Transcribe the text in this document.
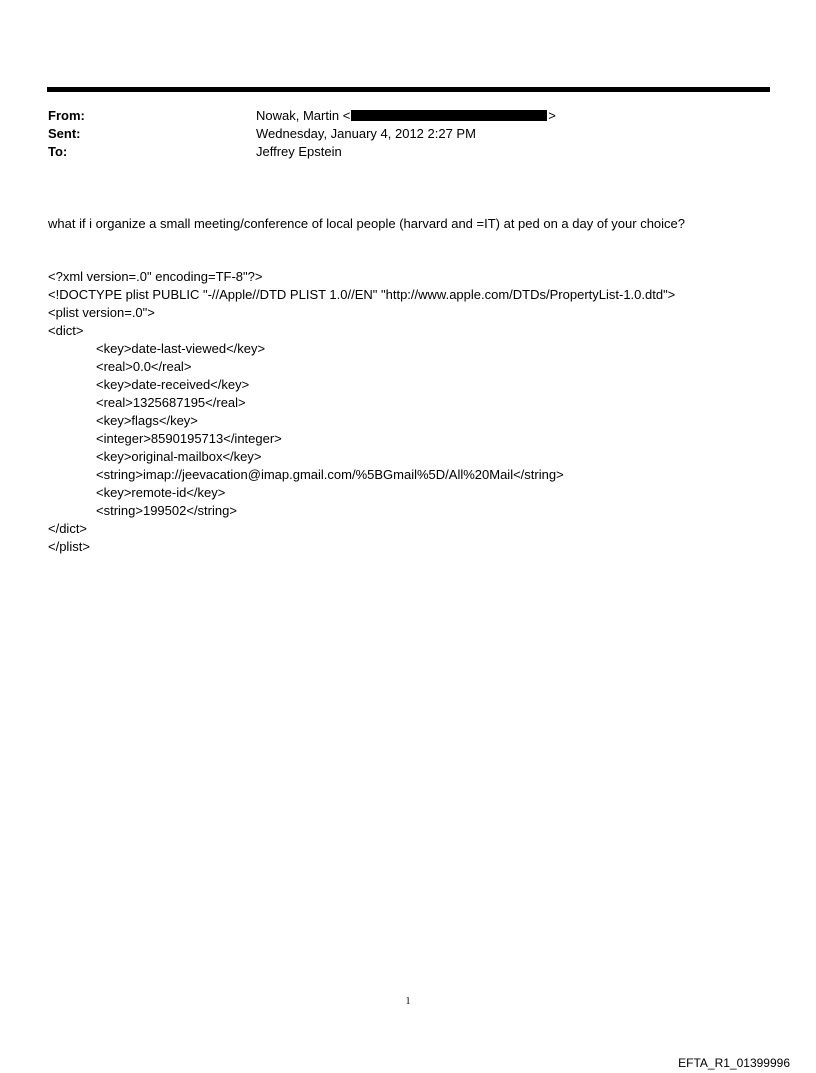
From:	Nowak, Martin <	>
Sent:	Wednesday, January 4, 2012 2:27 PM
To:	Jeffrey Epstein
what if i organize a small meeting/conference of local people (harvard and =IT) at ped on a day of your choice?
<?xml version=.0" encoding=TF-8"?>
<!DOCTYPE plist PUBLIC "-//Apple//DTD PLIST 1.0//EN" "http://www.apple.com/DTDs/PropertyList-1.0.dtd">
<plist version=.0">
<dict>
<key>date-last-viewed</key>
<real>0.0</real>
<key>date-received</key>
<real>1325687195</real>
<key>flags</key>
<integer>8590195713</integer>
<key>original-mailbox</key>
<string>imap://jeevacation@imap.gmail.com/%5BGmail%5D/All%20Mail</string>
<key>remote-id</key>
<string>199502</string>
</dict>
</plist>
1
EFTA_R1_01399996
